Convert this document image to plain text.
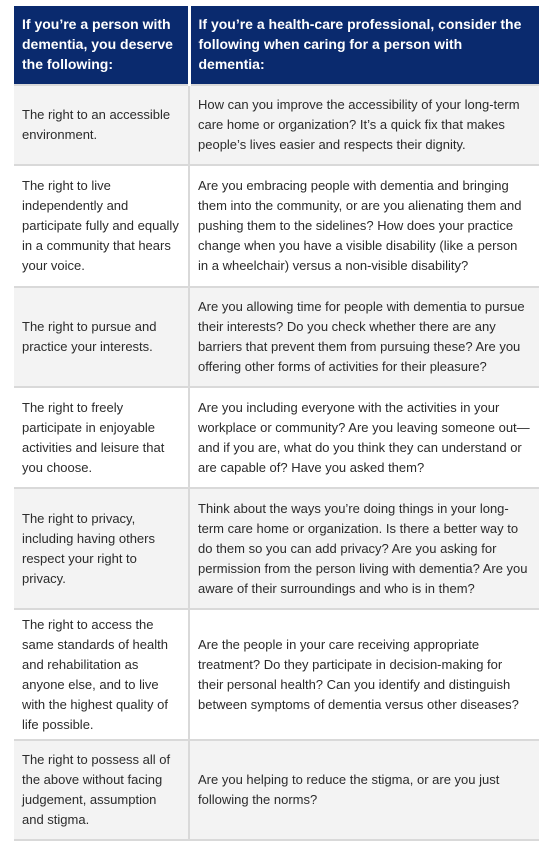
If you’re a person with dementia, you deserve the following:	If you’re a health-care professional, consider the following when caring for a person with dementia:
The right to an accessible environment.	How can you improve the accessibility of your long-term care home or organization? It’s a quick fix that makes people’s lives easier and respects their dignity.
The right to live independently and participate fully and equally in a community that hears your voice.	Are you embracing people with dementia and bringing them into the community, or are you alienating them and pushing them to the sidelines? How does your practice change when you have a visible disability (like a person in a wheelchair) versus a non-visible disability?
The right to pursue and practice your interests.	Are you allowing time for people with dementia to pursue their interests? Do you check whether there are any barriers that prevent them from pursuing these? Are you offering other forms of activities for their pleasure?
The right to freely participate in enjoyable activities and leisure that you choose.	Are you including everyone with the activities in your workplace or community? Are you leaving someone out—and if you are, what do you think they can understand or are capable of? Have you asked them?
The right to privacy, including having others respect your right to privacy.	Think about the ways you’re doing things in your long-term care home or organization. Is there a better way to do them so you can add privacy? Are you asking for permission from the person living with dementia? Are you aware of their surroundings and who is in them?
The right to access the same standards of health and rehabilitation as anyone else, and to live with the highest quality of life possible.	Are the people in your care receiving appropriate treatment? Do they participate in decision-making for their personal health? Can you identify and distinguish between symptoms of dementia versus other diseases?
The right to possess all of the above without facing judgement, assumption and stigma.	Are you helping to reduce the stigma, or are you just following the norms?
